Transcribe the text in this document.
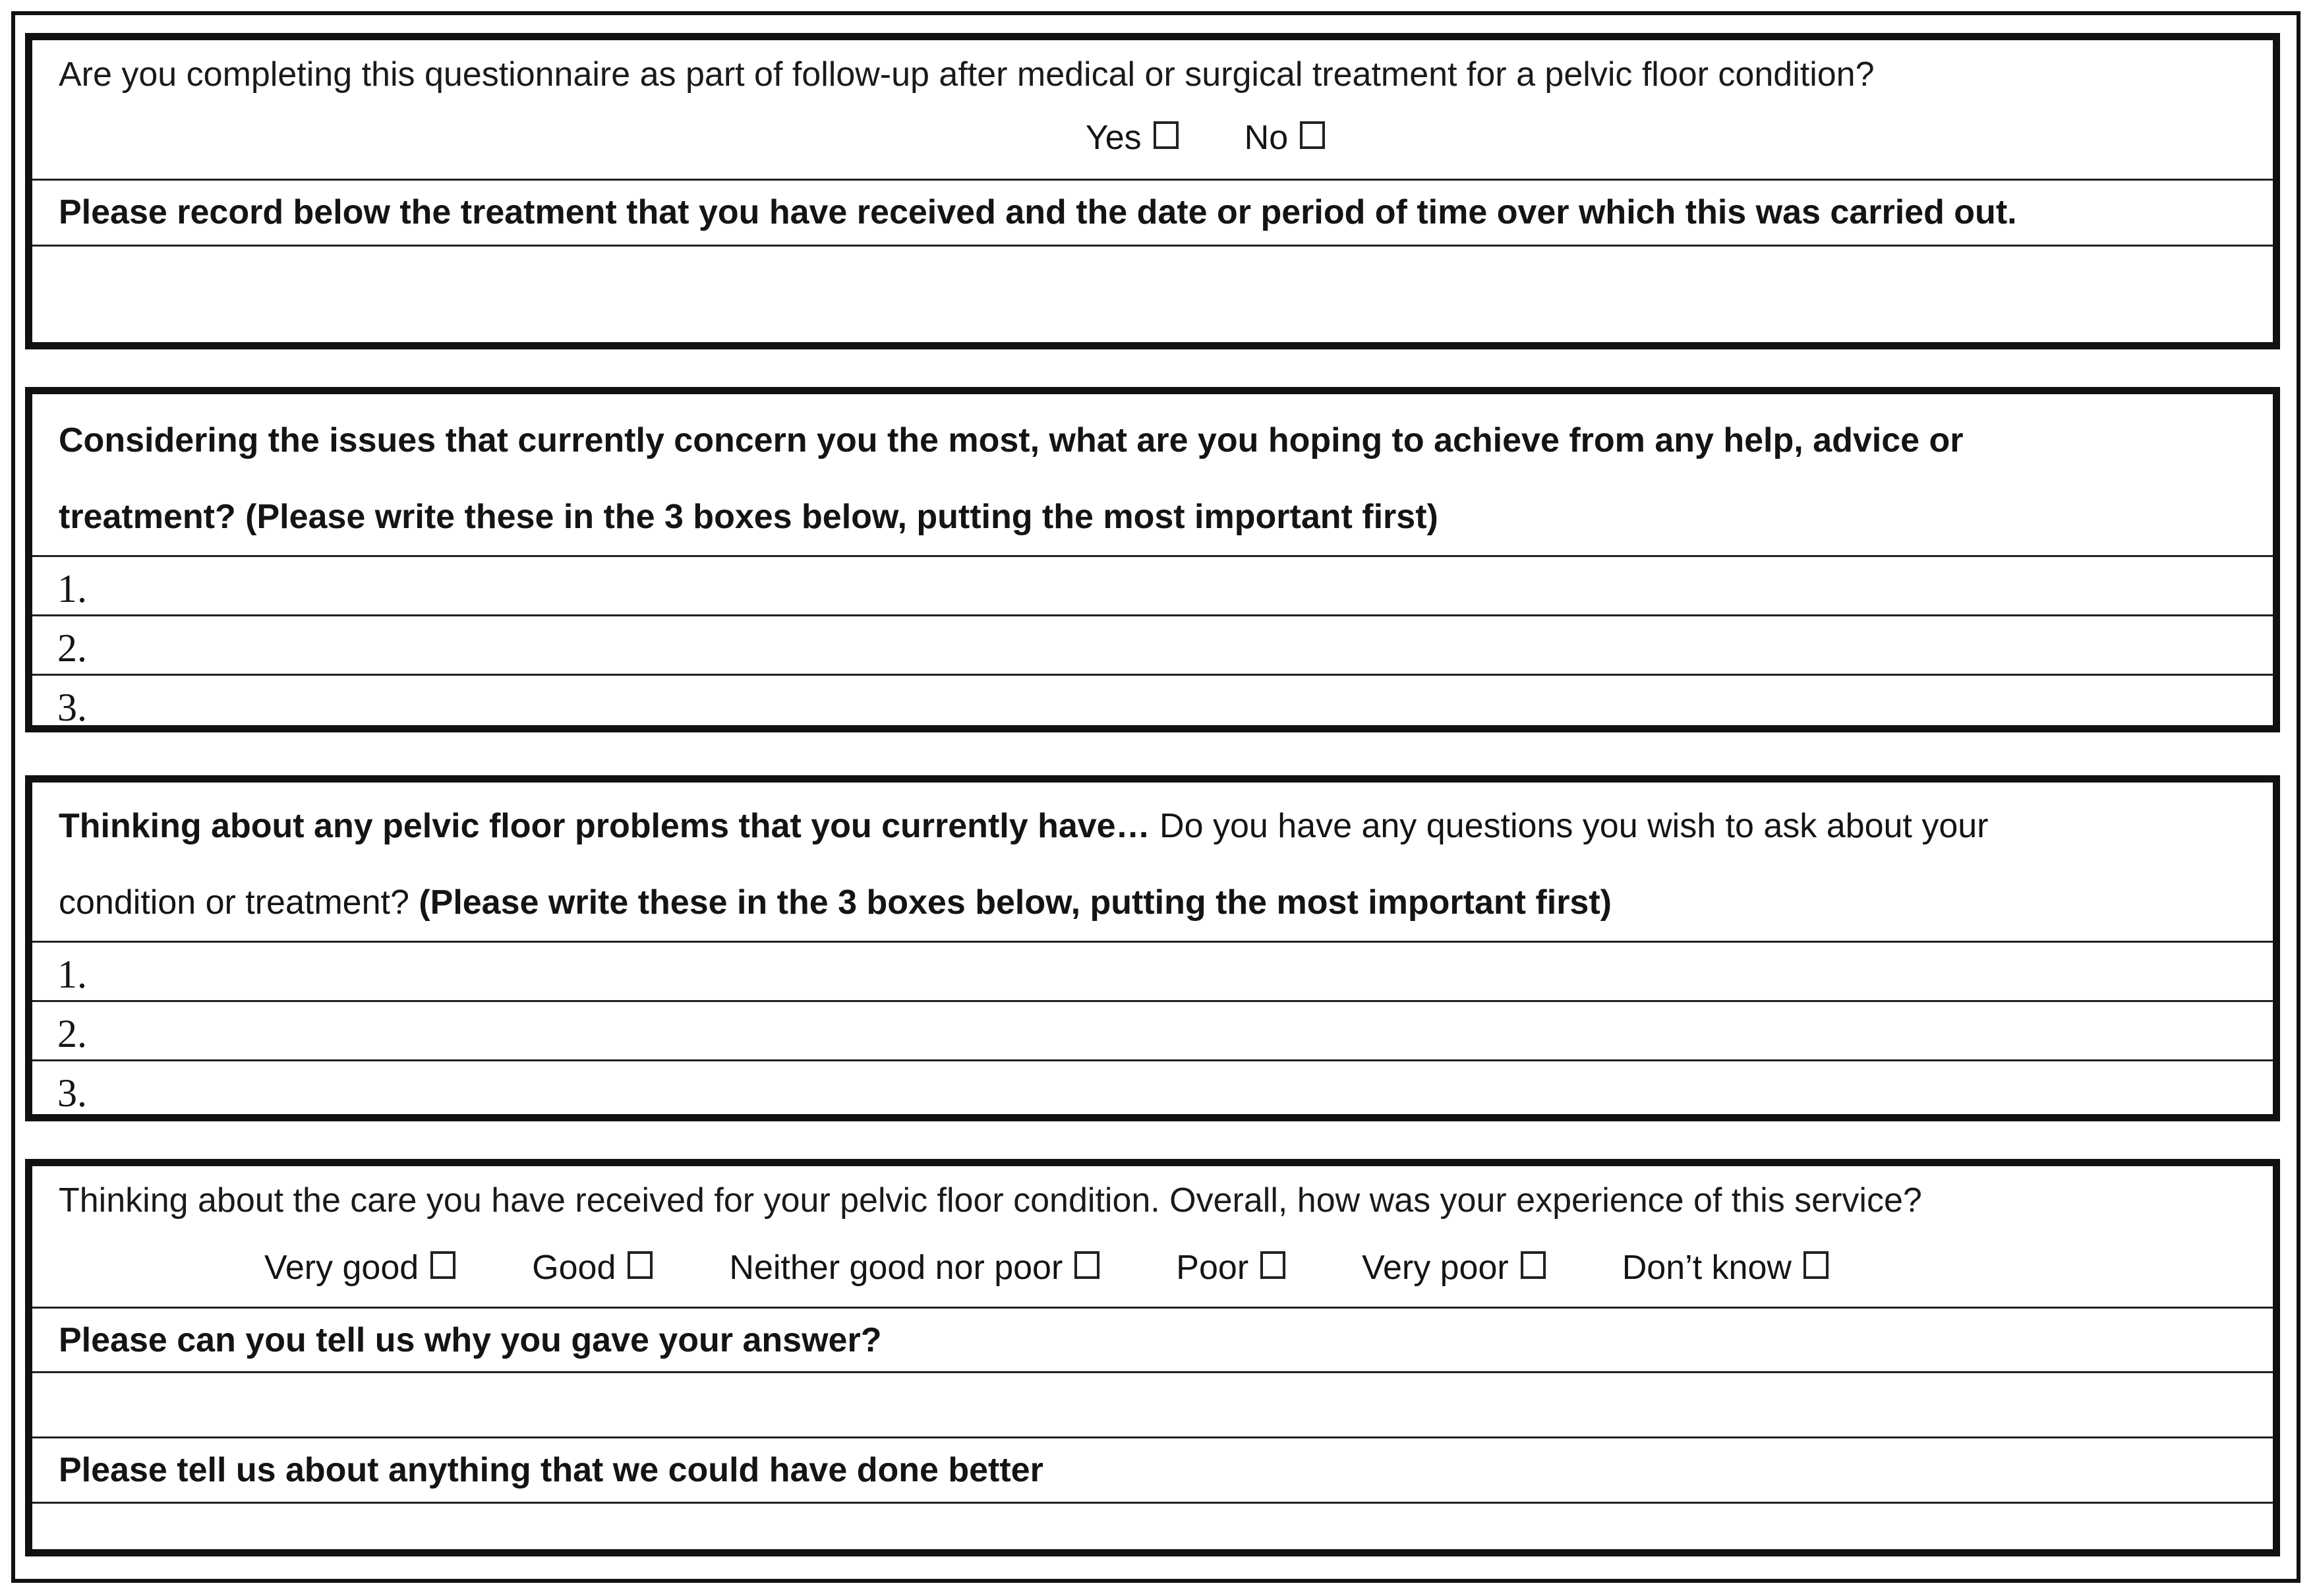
Are you completing this questionnaire as part of follow-up after medical or surgical treatment for a pelvic floor condition?
Yes	No
Please record below the treatment that you have received and the date or period of time over which this was carried out.
Considering the issues that currently concern you the most, what are you hoping to achieve from any help, advice or
treatment? (Please write these in the 3 boxes below, putting the most important first)
1.
2.
3.
Thinking about any pelvic floor problems that you currently have… Do you have any questions you wish to ask about your
condition or treatment? (Please write these in the 3 boxes below, putting the most important first)
1.
2.
3.
Thinking about the care you have received for your pelvic floor condition. Overall, how was your experience of this service?
Very good	Good	Neither good nor poor	Poor	Very poor	Don’t know
Please can you tell us why you gave your answer?
Please tell us about anything that we could have done better
